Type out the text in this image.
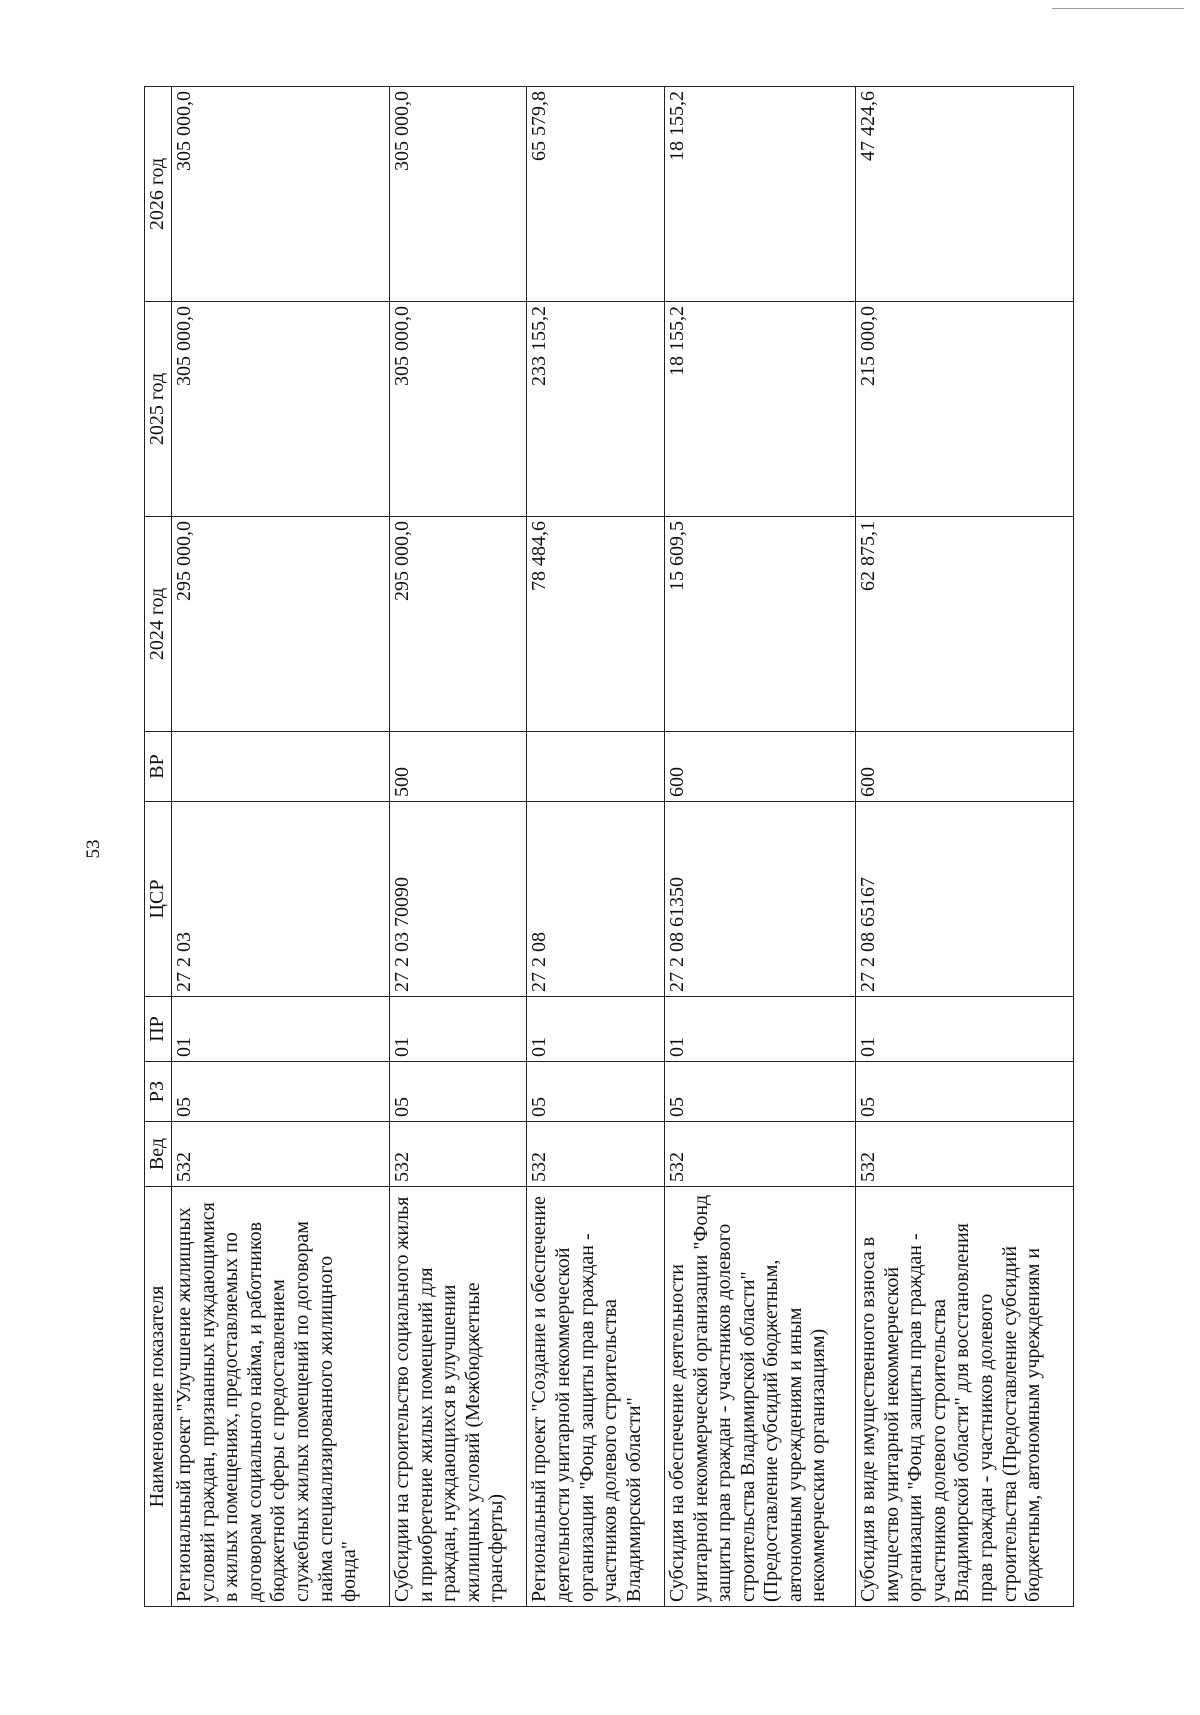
53
Наименование показателя	Вед	РЗ	ПР	ЦСР	ВР	2024 год	2025 год	2026 год
Региональный проект "Улучшение жилищных условий граждан, признанных нуждающимися в жилых помещениях, предоставляемых по договорам социального найма, и работников бюджетной сферы с предоставлением служебных жилых помещений по договорам найма специализированного жилищного фонда"	532	05	01	27 2 03		295 000,0	305 000,0	305 000,0
Субсидии на строительство социального жилья и приобретение жилых помещений для граждан, нуждающихся в улучшении жилищных условий (Межбюджетные трансферты)	532	05	01	27 2 03 70090	500	295 000,0	305 000,0	305 000,0
Региональный проект "Создание и обеспечение деятельности унитарной некоммерческой организации "Фонд защиты прав граждан - участников долевого строительства Владимирской области"	532	05	01	27 2 08		78 484,6	233 155,2	65 579,8
Субсидия на обеспечение деятельности унитарной некоммерческой организации "Фонд защиты прав граждан - участников долевого строительства Владимирской области" (Предоставление субсидий бюджетным, автономным учреждениям и иным некоммерческим организациям)	532	05	01	27 2 08 61350	600	15 609,5	18 155,2	18 155,2
Субсидия в виде имущественного взноса в имущество унитарной некоммерческой организации "Фонд защиты прав граждан - участников долевого строительства Владимирской области" для восстановления прав граждан - участников долевого строительства (Предоставление субсидий бюджетным, автономным учреждениям и	532	05	01	27 2 08 65167	600	62 875,1	215 000,0	47 424,6
